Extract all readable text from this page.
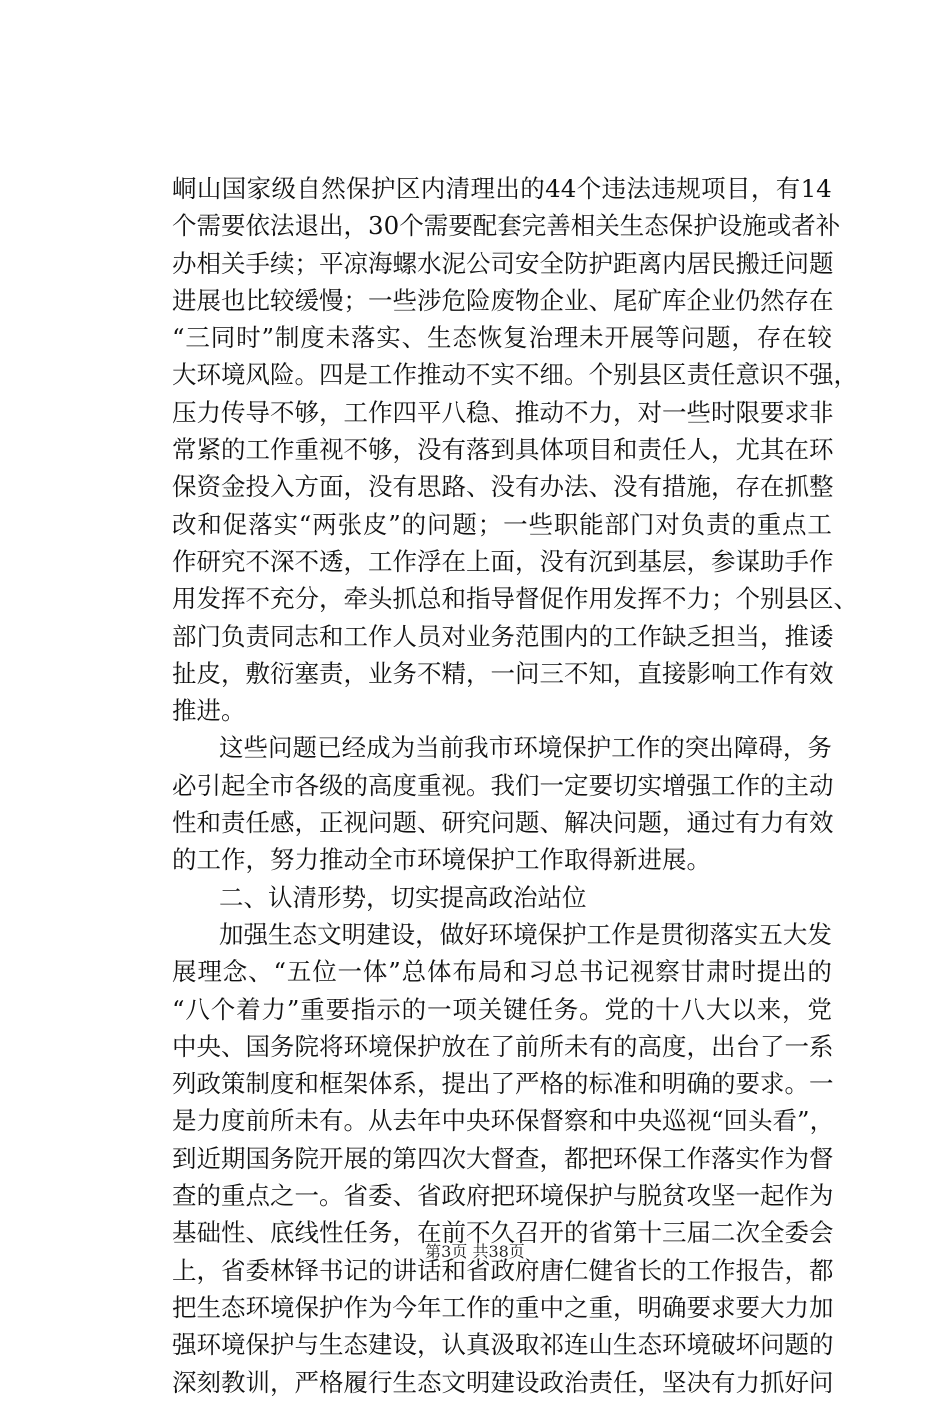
峒 山 国 家 级 自 然 保 护 区 内 清 理 出 的 44 个 违 法 违 规 项 目 ， 有 14
个 需 要 依 法 退 出 ， 30 个 需 要 配 套 完 善 相 关 生 态 保 护 设 施 或 者 补
办 相 关 手 续 ； 平 凉 海 螺 水 泥 公 司 安 全 防 护 距 离 内 居 民 搬 迁 问 题
进 展 也 比 较 缓 慢 ； 一 些 涉 危 险 废 物 企 业 、 尾 矿 库 企 业 仍 然 存 在
“ 三 同 时 ” 制 度 未 落 实 、 生 态 恢 复 治 理 未 开 展 等 问 题 ， 存 在 较
大 环 境 风 险 。 四 是 工 作 推 动 不 实 不 细 。 个 别 县 区 责 任 意 识 不 强 ，
压 力 传 导 不 够 ， 工 作 四 平 八 稳 、 推 动 不 力 ， 对 一 些 时 限 要 求 非
常 紧 的 工 作 重 视 不 够 ， 没 有 落 到 具 体 项 目 和 责 任 人 ， 尤 其 在 环
保 资 金 投 入 方 面 ， 没 有 思 路 、 没 有 办 法 、 没 有 措 施 ， 存 在 抓 整
改 和 促 落 实 “ 两 张 皮 ” 的 问 题 ； 一 些 职 能 部 门 对 负 责 的 重 点 工
作 研 究 不 深 不 透 ， 工 作 浮 在 上 面 ， 没 有 沉 到 基 层 ， 参 谋 助 手 作
用 发 挥 不 充 分 ， 牵 头 抓 总 和 指 导 督 促 作 用 发 挥 不 力 ； 个 别 县 区 、
部 门 负 责 同 志 和 工 作 人 员 对 业 务 范 围 内 的 工 作 缺 乏 担 当 ， 推 诿
扯 皮 ， 敷 衍 塞 责 ， 业 务 不 精 ， 一 问 三 不 知 ， 直 接 影 响 工 作 有 效
推进。
这 些 问 题 已 经 成 为 当 前 我 市 环 境 保 护 工 作 的 突 出 障 碍 ， 务
必 引 起 全 市 各 级 的 高 度 重 视 。 我 们 一 定 要 切 实 增 强 工 作 的 主 动
性 和 责 任 感 ， 正 视 问 题 、 研 究 问 题 、 解 决 问 题 ， 通 过 有 力 有 效
的工作，努力推动全市环境保护工作取得新进展。
二、认清形势，切实提高政治站位
加 强 生 态 文 明 建 设 ， 做 好 环 境 保 护 工 作 是 贯 彻 落 实 五 大 发
展 理 念 、 “ 五 位 一 体 ” 总 体 布 局 和 习 总 书 记 视 察 甘 肃 时 提 出 的
“ 八 个 着 力 ” 重 要 指 示 的 一 项 关 键 任 务 。 党 的 十 八 大 以 来 ， 党
中 央 、 国 务 院 将 环 境 保 护 放 在 了 前 所 未 有 的 高 度 ， 出 台 了 一 系
列 政 策 制 度 和 框 架 体 系 ， 提 出 了 严 格 的 标 准 和 明 确 的 要 求 。 一
是 力 度 前 所 未 有 。 从 去 年 中 央 环 保 督 察 和 中 央 巡 视 “ 回 头 看 ” ，
到 近 期 国 务 院 开 展 的 第 四 次 大 督 查 ， 都 把 环 保 工 作 落 实 作 为 督
查 的 重 点 之 一 。 省 委 、 省 政 府 把 环 境 保 护 与 脱 贫 攻 坚 一 起 作 为
基 础 性 、 底 线 性 任 务 ， 在 前 不 久 召 开 的 省 第 十 三 届 二 次 全 委 会
上 ， 省 委 林 铎 书 记 的 讲 话 和 省 政 府 唐 仁 健 省 长 的 工 作 报 告 ， 都
把 生 态 环 境 保 护 作 为 今 年 工 作 的 重 中 之 重 ， 明 确 要 求 要 大 力 加
强 环 境 保 护 与 生 态 建 设 ， 认 真 汲 取 祁 连 山 生 态 环 境 破 坏 问 题 的
深 刻 教 训 ， 严 格 履 行 生 态 文 明 建 设 政 治 责 任 ， 坚 决 有 力 抓 好 问
第3页 共38页
